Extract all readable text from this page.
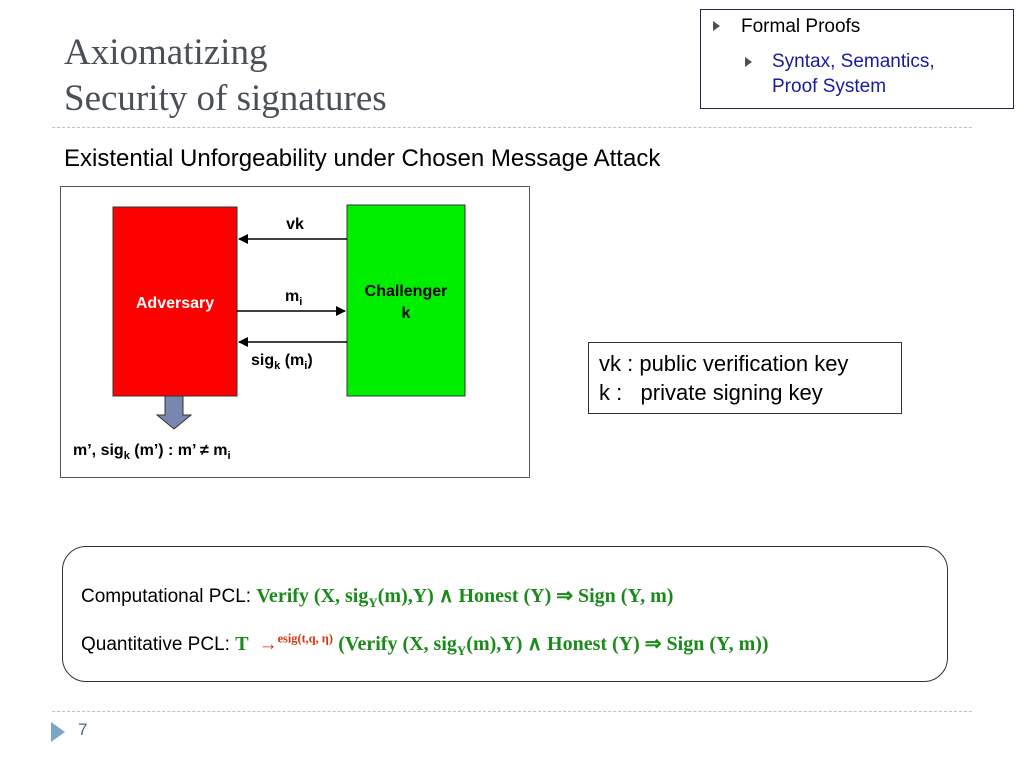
Axiomatizing
Security of signatures
Formal Proofs
Syntax, Semantics,
Proof System
Existential Unforgeability under Chosen Message Attack
Adversary
Challenger
k
vk
$m_i$
sig$_k$ $(m_i)$
m’, sig$_k$ (m’) : m’ ≠ $m_i$
vk : public verification key
k :   private signing key
Computational PCL: Verify (X, sig$_Y$(m),Y) ∧ Honest (Y) ⇒ Sign (Y, m)
Quantitative PCL: T →$^{esig(t,q, \eta)}$ (Verify (X, sig$_Y$(m),Y) ∧ Honest (Y) ⇒ Sign (Y, m))
7
